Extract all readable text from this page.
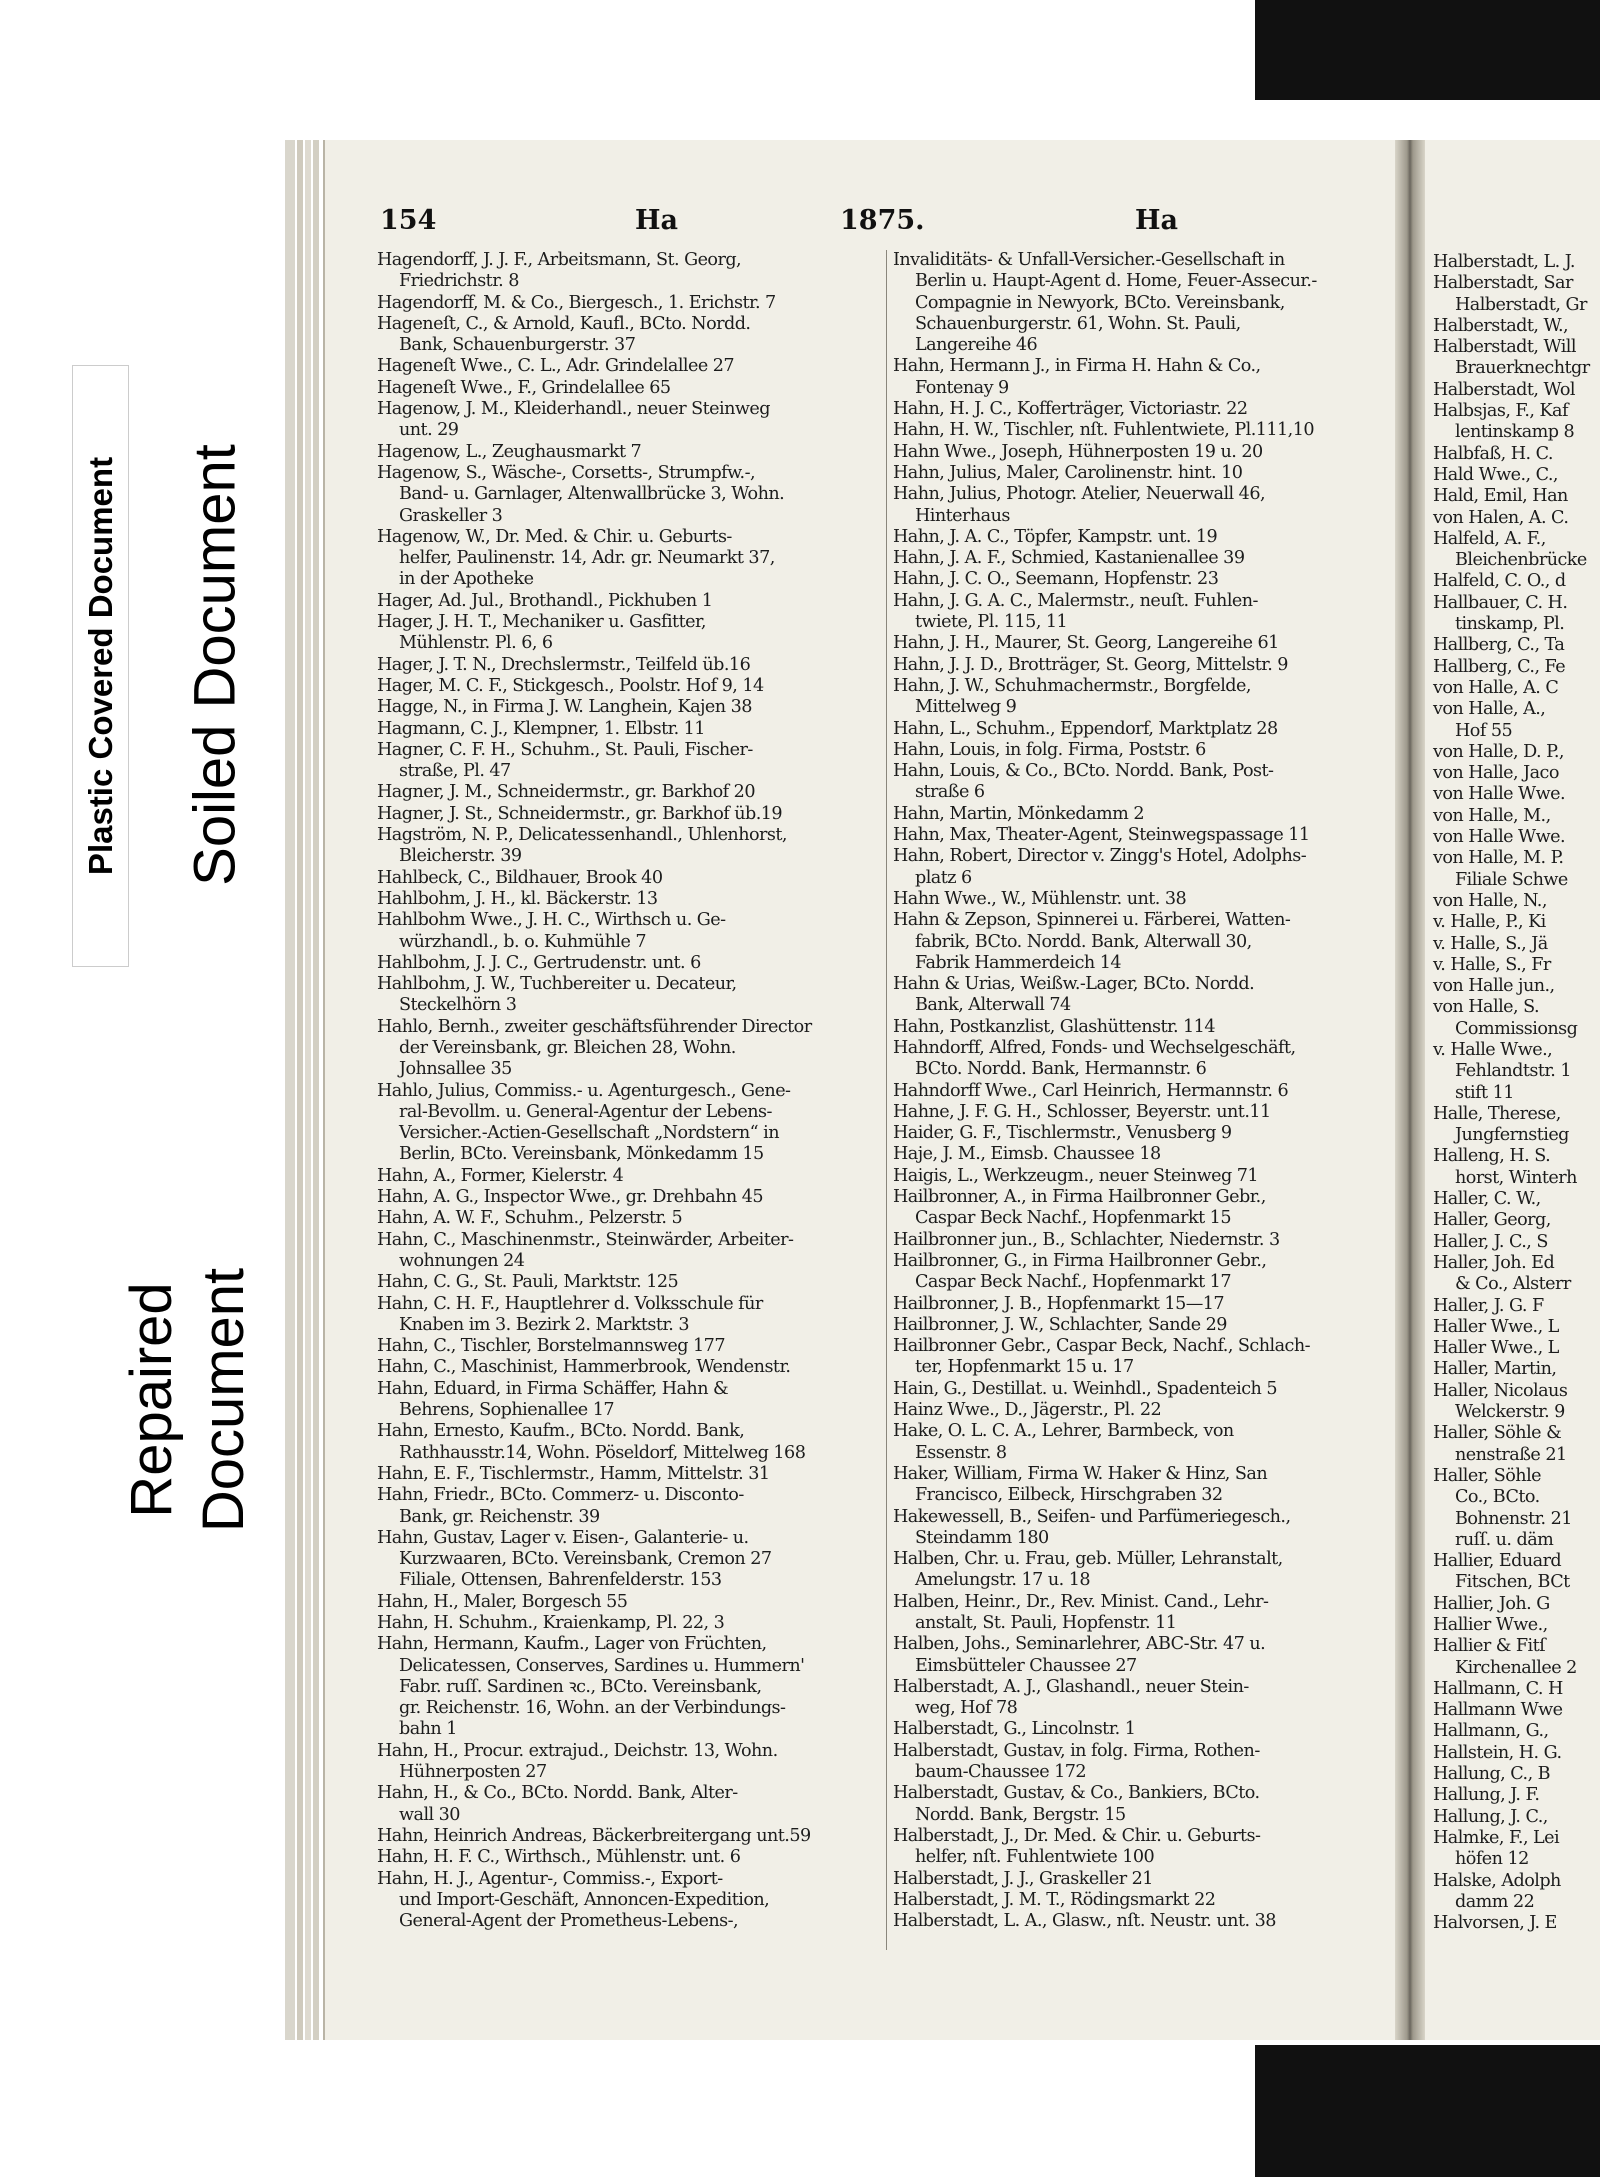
Plastic Covered Document Soiled Document
Repaired
Document
154	Ha	1875.	Ha
Hagendorff, J. J. F., Arbeitsmann, St. Georg,
Friedrichstr. 8
Hagendorff, M. & Co., Biergesch., 1. Erichstr. 7
Hageneſt, C., & Arnold, Kaufl., BCto. Nordd.
Bank, Schauenburgerstr. 37
Hageneſt Wwe., C. L., Adr. Grindelallee 27
Hageneſt Wwe., F., Grindelallee 65
Hagenow, J. M., Kleiderhandl., neuer Steinweg
unt. 29
Hagenow, L., Zeughausmarkt 7
Hagenow, S., Wäsche-, Corsetts-, Strumpfw.-,
Band- u. Garnlager, Altenwallbrücke 3, Wohn.
Graskeller 3
Hagenow, W., Dr. Med. & Chir. u. Geburts-
helfer, Paulinenstr. 14, Adr. gr. Neumarkt 37,
in der Apotheke
Hager, Ad. Jul., Brothandl., Pickhuben 1
Hager, J. H. T., Mechaniker u. Gasfitter,
Mühlenstr. Pl. 6, 6
Hager, J. T. N., Drechslermstr., Teilfeld üb.16
Hager, M. C. F., Stickgesch., Poolstr. Hof 9, 14
Hagge, N., in Firma J. W. Langhein, Kajen 38
Hagmann, C. J., Klempner, 1. Elbstr. 11
Hagner, C. F. H., Schuhm., St. Pauli, Fischer-
straße, Pl. 47
Hagner, J. M., Schneidermstr., gr. Barkhof 20
Hagner, J. St., Schneidermstr., gr. Barkhof üb.19
Hagström, N. P., Delicatessenhandl., Uhlenhorst,
Bleicherstr. 39
Hahlbeck, C., Bildhauer, Brook 40
Hahlbohm, J. H., kl. Bäckerstr. 13
Hahlbohm Wwe., J. H. C., Wirthsch u. Ge-
würzhandl., b. o. Kuhmühle 7
Hahlbohm, J. J. C., Gertrudenstr. unt. 6
Hahlbohm, J. W., Tuchbereiter u. Decateur,
Steckelhörn 3
Hahlo, Bernh., zweiter geschäftsführender Director
der Vereinsbank, gr. Bleichen 28, Wohn.
Johnsallee 35
Hahlo, Julius, Commiss.- u. Agenturgesch., Gene-
ral-Bevollm. u. General-Agentur der Lebens-
Versicher.-Actien-Gesellschaft „Nordstern“ in
Berlin, BCto. Vereinsbank, Mönkedamm 15
Hahn, A., Former, Kielerstr. 4
Hahn, A. G., Inspector Wwe., gr. Drehbahn 45
Hahn, A. W. F., Schuhm., Pelzerstr. 5
Hahn, C., Maschinenmstr., Steinwärder, Arbeiter-
wohnungen 24
Hahn, C. G., St. Pauli, Marktstr. 125
Hahn, C. H. F., Hauptlehrer d. Volksschule für
Knaben im 3. Bezirk 2. Marktstr. 3
Hahn, C., Tischler, Borstelmannsweg 177
Hahn, C., Maschinist, Hammerbrook, Wendenstr.
Hahn, Eduard, in Firma Schäffer, Hahn &
Behrens, Sophienallee 17
Hahn, Ernesto, Kaufm., BCto. Nordd. Bank,
Rathhausstr.14, Wohn. Pöseldorf, Mittelweg 168
Hahn, E. F., Tischlermstr., Hamm, Mittelstr. 31
Hahn, Friedr., BCto. Commerz- u. Disconto-
Bank, gr. Reichenstr. 39
Hahn, Gustav, Lager v. Eisen-, Galanterie- u.
Kurzwaaren, BCto. Vereinsbank, Cremon 27
Filiale, Ottensen, Bahrenfelderstr. 153
Hahn, H., Maler, Borgesch 55
Hahn, H. Schuhm., Kraienkamp, Pl. 22, 3
Hahn, Hermann, Kaufm., Lager von Früchten,
Delicatessen, Conserves, Sardines u. Hummern'
Fabr. ruſſ. Sardinen ꝛc., BCto. Vereinsbank,
gr. Reichenstr. 16, Wohn. an der Verbindungs-
bahn 1
Hahn, H., Procur. extrajud., Deichstr. 13, Wohn.
Hühnerposten 27
Hahn, H., & Co., BCto. Nordd. Bank, Alter-
wall 30
Hahn, Heinrich Andreas, Bäckerbreitergang unt.59
Hahn, H. F. C., Wirthsch., Mühlenstr. unt. 6
Hahn, H. J., Agentur-, Commiss.-, Export-
und Import-Geschäft, Annoncen-Expedition,
General-Agent der Prometheus-Lebens-,
Invaliditäts- & Unfall-Versicher.-Gesellschaft in
Berlin u. Haupt-Agent d. Home, Feuer-Assecur.-
Compagnie in Newyork, BCto. Vereinsbank,
Schauenburgerstr. 61, Wohn. St. Pauli,
Langereihe 46
Hahn, Hermann J., in Firma H. Hahn & Co.,
Fontenay 9
Hahn, H. J. C., Kofferträger, Victoriastr. 22
Hahn, H. W., Tischler, nſt. Fuhlentwiete, Pl.111,10
Hahn Wwe., Joseph, Hühnerposten 19 u. 20
Hahn, Julius, Maler, Carolinenstr. hint. 10
Hahn, Julius, Photogr. Atelier, Neuerwall 46,
Hinterhaus
Hahn, J. A. C., Töpfer, Kampstr. unt. 19
Hahn, J. A. F., Schmied, Kastanienallee 39
Hahn, J. C. O., Seemann, Hopfenstr. 23
Hahn, J. G. A. C., Malermstr., neuſt. Fuhlen-
twiete, Pl. 115, 11
Hahn, J. H., Maurer, St. Georg, Langereihe 61
Hahn, J. J. D., Brotträger, St. Georg, Mittelstr. 9
Hahn, J. W., Schuhmachermstr., Borgfelde,
Mittelweg 9
Hahn, L., Schuhm., Eppendorf, Marktplatz 28
Hahn, Louis, in folg. Firma, Poststr. 6
Hahn, Louis, & Co., BCto. Nordd. Bank, Post-
straße 6
Hahn, Martin, Mönkedamm 2
Hahn, Max, Theater-Agent, Steinwegspassage 11
Hahn, Robert, Director v. Zingg's Hotel, Adolphs-
platz 6
Hahn Wwe., W., Mühlenstr. unt. 38
Hahn & Zepson, Spinnerei u. Färberei, Watten-
fabrik, BCto. Nordd. Bank, Alterwall 30,
Fabrik Hammerdeich 14
Hahn & Urias, Weißw.-Lager, BCto. Nordd.
Bank, Alterwall 74
Hahn, Postkanzlist, Glashüttenstr. 114
Hahndorff, Alfred, Fonds- und Wechselgeschäft,
BCto. Nordd. Bank, Hermannstr. 6
Hahndorff Wwe., Carl Heinrich, Hermannstr. 6
Hahne, J. F. G. H., Schlosser, Beyerstr. unt.11
Haider, G. F., Tischlermstr., Venusberg 9
Haje, J. M., Eimsb. Chaussee 18
Haigis, L., Werkzeugm., neuer Steinweg 71
Hailbronner, A., in Firma Hailbronner Gebr.,
Caspar Beck Nachf., Hopfenmarkt 15
Hailbronner jun., B., Schlachter, Niedernstr. 3
Hailbronner, G., in Firma Hailbronner Gebr.,
Caspar Beck Nachf., Hopfenmarkt 17
Hailbronner, J. B., Hopfenmarkt 15—17
Hailbronner, J. W., Schlachter, Sande 29
Hailbronner Gebr., Caspar Beck, Nachf., Schlach-
ter, Hopfenmarkt 15 u. 17
Hain, G., Destillat. u. Weinhdl., Spadenteich 5
Hainz Wwe., D., Jägerstr., Pl. 22
Hake, O. L. C. A., Lehrer, Barmbeck, von
Essenstr. 8
Haker, William, Firma W. Haker & Hinz, San
Francisco, Eilbeck, Hirschgraben 32
Hakewessell, B., Seifen- und Parfümeriegesch.,
Steindamm 180
Halben, Chr. u. Frau, geb. Müller, Lehranstalt,
Amelungstr. 17 u. 18
Halben, Heinr., Dr., Rev. Minist. Cand., Lehr-
anstalt, St. Pauli, Hopfenstr. 11
Halben, Johs., Seminarlehrer, ABC-Str. 47 u.
Eimsbütteler Chaussee 27
Halberstadt, A. J., Glashandl., neuer Stein-
weg, Hof 78
Halberstadt, G., Lincolnstr. 1
Halberstadt, Gustav, in folg. Firma, Rothen-
baum-Chaussee 172
Halberstadt, Gustav, & Co., Bankiers, BCto.
Nordd. Bank, Bergstr. 15
Halberstadt, J., Dr. Med. & Chir. u. Geburts-
helfer, nſt. Fuhlentwiete 100
Halberstadt, J. J., Graskeller 21
Halberstadt, J. M. T., Rödingsmarkt 22
Halberstadt, L. A., Glasw., nſt. Neustr. unt. 38
Halberstadt, L. J.
Halberstadt, Sar
Halberstadt, Gr
Halberstadt, W.,
Halberstadt, Will
Brauerknechtgr
Halberstadt, Wol
Halbsjas, F., Kaf
lentinskamp 8
Halbfaß, H. C.
Hald Wwe., C.,
Hald, Emil, Han
von Halen, A. C.
Halfeld, A. F.,
Bleichenbrücke
Halfeld, C. O., d
Hallbauer, C. H.
tinskamp, Pl.
Hallberg, C., Ta
Hallberg, C., Fe
von Halle, A. C
von Halle, A.,
Hof 55
von Halle, D. P.,
von Halle, Jaco
von Halle Wwe.
von Halle, M.,
von Halle Wwe.
von Halle, M. P.
Filiale Schwe
von Halle, N.,
v. Halle, P., Ki
v. Halle, S., Jä
v. Halle, S., Fr
von Halle jun.,
von Halle, S.
Commissionsg
v. Halle Wwe.,
Fehlandtstr. 1
stift 11
Halle, Therese,
Jungfernstieg
Halleng, H. S.
horst, Winterh
Haller, C. W.,
Haller, Georg,
Haller, J. C., S
Haller, Joh. Ed
& Co., Alsterr
Haller, J. G. F
Haller Wwe., L
Haller Wwe., L
Haller, Martin,
Haller, Nicolaus
Welckerstr. 9
Haller, Söhle &
nenstraße 21
Haller, Söhle
Co., BCto.
Bohnenstr. 21
ruſſ. u. däm
Hallier, Eduard
Fitschen, BCt
Hallier, Joh. G
Hallier Wwe.,
Hallier & Fitſ
Kirchenallee 2
Hallmann, C. H
Hallmann Wwe
Hallmann, G.,
Hallstein, H. G.
Hallung, C., B
Hallung, J. F.
Hallung, J. C.,
Halmke, F., Lei
höfen 12
Halske, Adolph
damm 22
Halvorsen, J. E
